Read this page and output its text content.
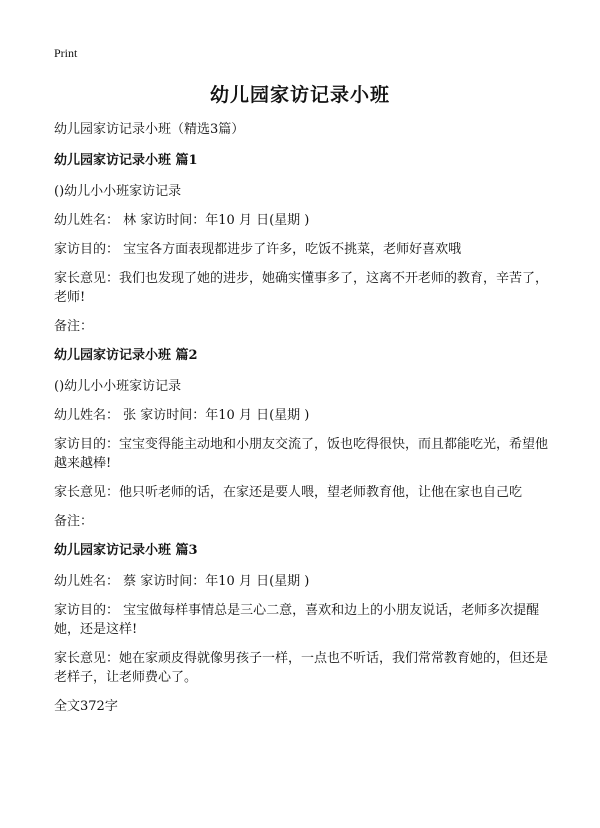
Print
幼儿园家访记录小班

幼儿园家访记录小班（精选3篇）

幼儿园家访记录小班 篇1

()幼儿小小班家访记录

幼儿姓名： 林 家访时间：年10 月 日(星期 )

家访目的： 宝宝各方面表现都进步了许多，吃饭不挑菜，老师好喜欢哦

家长意见：我们也发现了她的进步，她确实懂事多了，这离不开老师的教育，辛苦了，老师!

备注：

幼儿园家访记录小班 篇2

()幼儿小小班家访记录

幼儿姓名： 张 家访时间：年10 月 日(星期 )

家访目的：宝宝变得能主动地和小朋友交流了，饭也吃得很快，而且都能吃光，希望他越来越棒!

家长意见：他只听老师的话，在家还是要人喂，望老师教育他，让他在家也自己吃

备注：

幼儿园家访记录小班 篇3

幼儿姓名： 蔡 家访时间：年10 月 日(星期 )

家访目的： 宝宝做每样事情总是三心二意，喜欢和边上的小朋友说话，老师多次提醒她，还是这样!

家长意见：她在家顽皮得就像男孩子一样，一点也不听话，我们常常教育她的，但还是老样子，让老师费心了。

全文372字
